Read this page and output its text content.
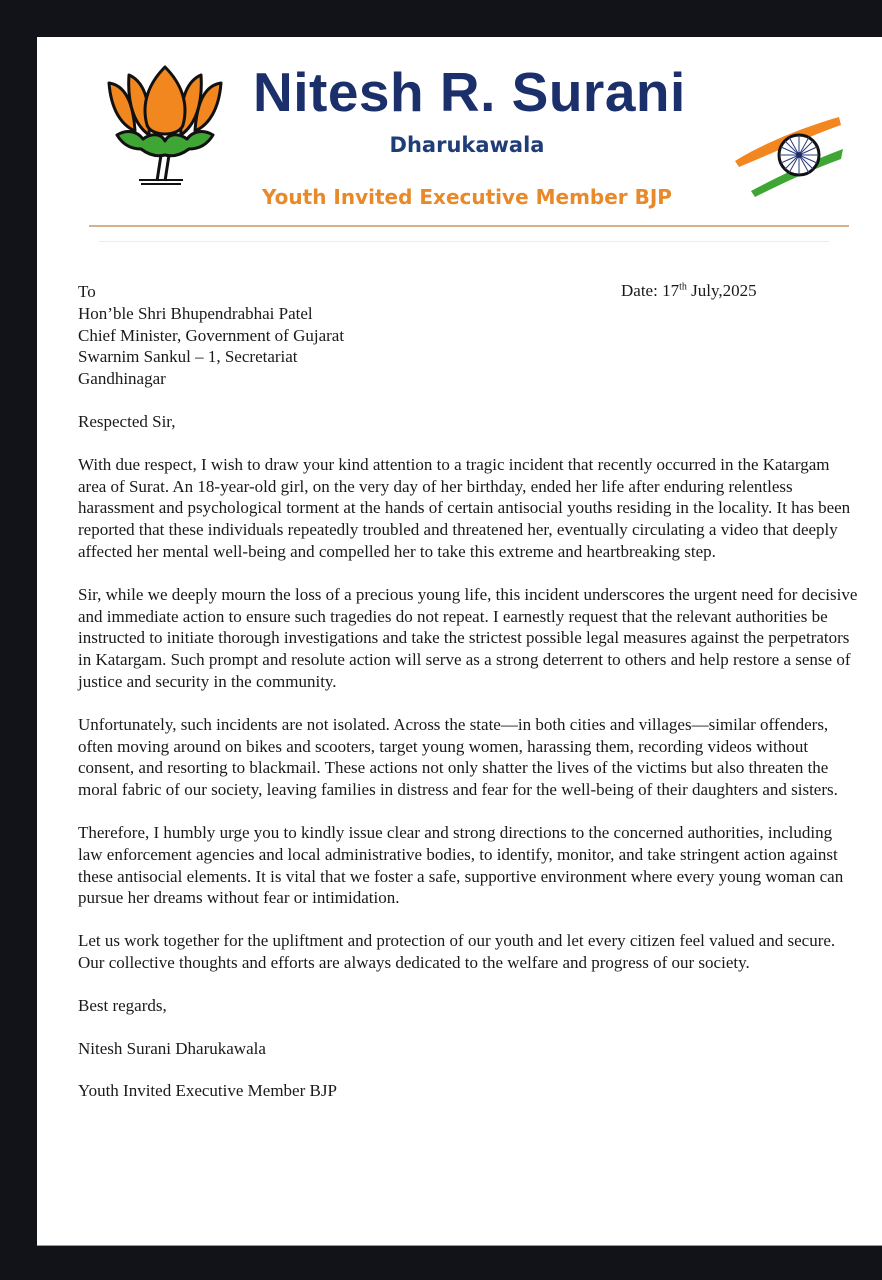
Nitesh R. Surani
Dharukawala
Youth Invited Executive Member BJP
Date: 17th July,2025
To
Hon’ble Shri Bhupendrabhai Patel
Chief Minister, Government of Gujarat
Swarnim Sankul – 1, Secretariat
Gandhinagar

Respected Sir,

With due respect, I wish to draw your kind attention to a tragic incident that recently occurred in the Katargam area of Surat. An 18-year-old girl, on the very day of her birthday, ended her life after enduring relentless harassment and psychological torment at the hands of certain antisocial youths residing in the locality. It has been reported that these individuals repeatedly troubled and threatened her, eventually circulating a video that deeply affected her mental well-being and compelled her to take this extreme and heartbreaking step.

Sir, while we deeply mourn the loss of a precious young life, this incident underscores the urgent need for decisive and immediate action to ensure such tragedies do not repeat. I earnestly request that the relevant authorities be instructed to initiate thorough investigations and take the strictest possible legal measures against the perpetrators in Katargam. Such prompt and resolute action will serve as a strong deterrent to others and help restore a sense of justice and security in the community.

Unfortunately, such incidents are not isolated. Across the state—in both cities and villages—similar offenders, often moving around on bikes and scooters, target young women, harassing them, recording videos without consent, and resorting to blackmail. These actions not only shatter the lives of the victims but also threaten the moral fabric of our society, leaving families in distress and fear for the well-being of their daughters and sisters.

Therefore, I humbly urge you to kindly issue clear and strong directions to the concerned authorities, including law enforcement agencies and local administrative bodies, to identify, monitor, and take stringent action against these antisocial elements. It is vital that we foster a safe, supportive environment where every young woman can pursue her dreams without fear or intimidation.

Let us work together for the upliftment and protection of our youth and let every citizen feel valued and secure. Our collective thoughts and efforts are always dedicated to the welfare and progress of our society.

Best regards,

Nitesh Surani Dharukawala

Youth Invited Executive Member BJP
